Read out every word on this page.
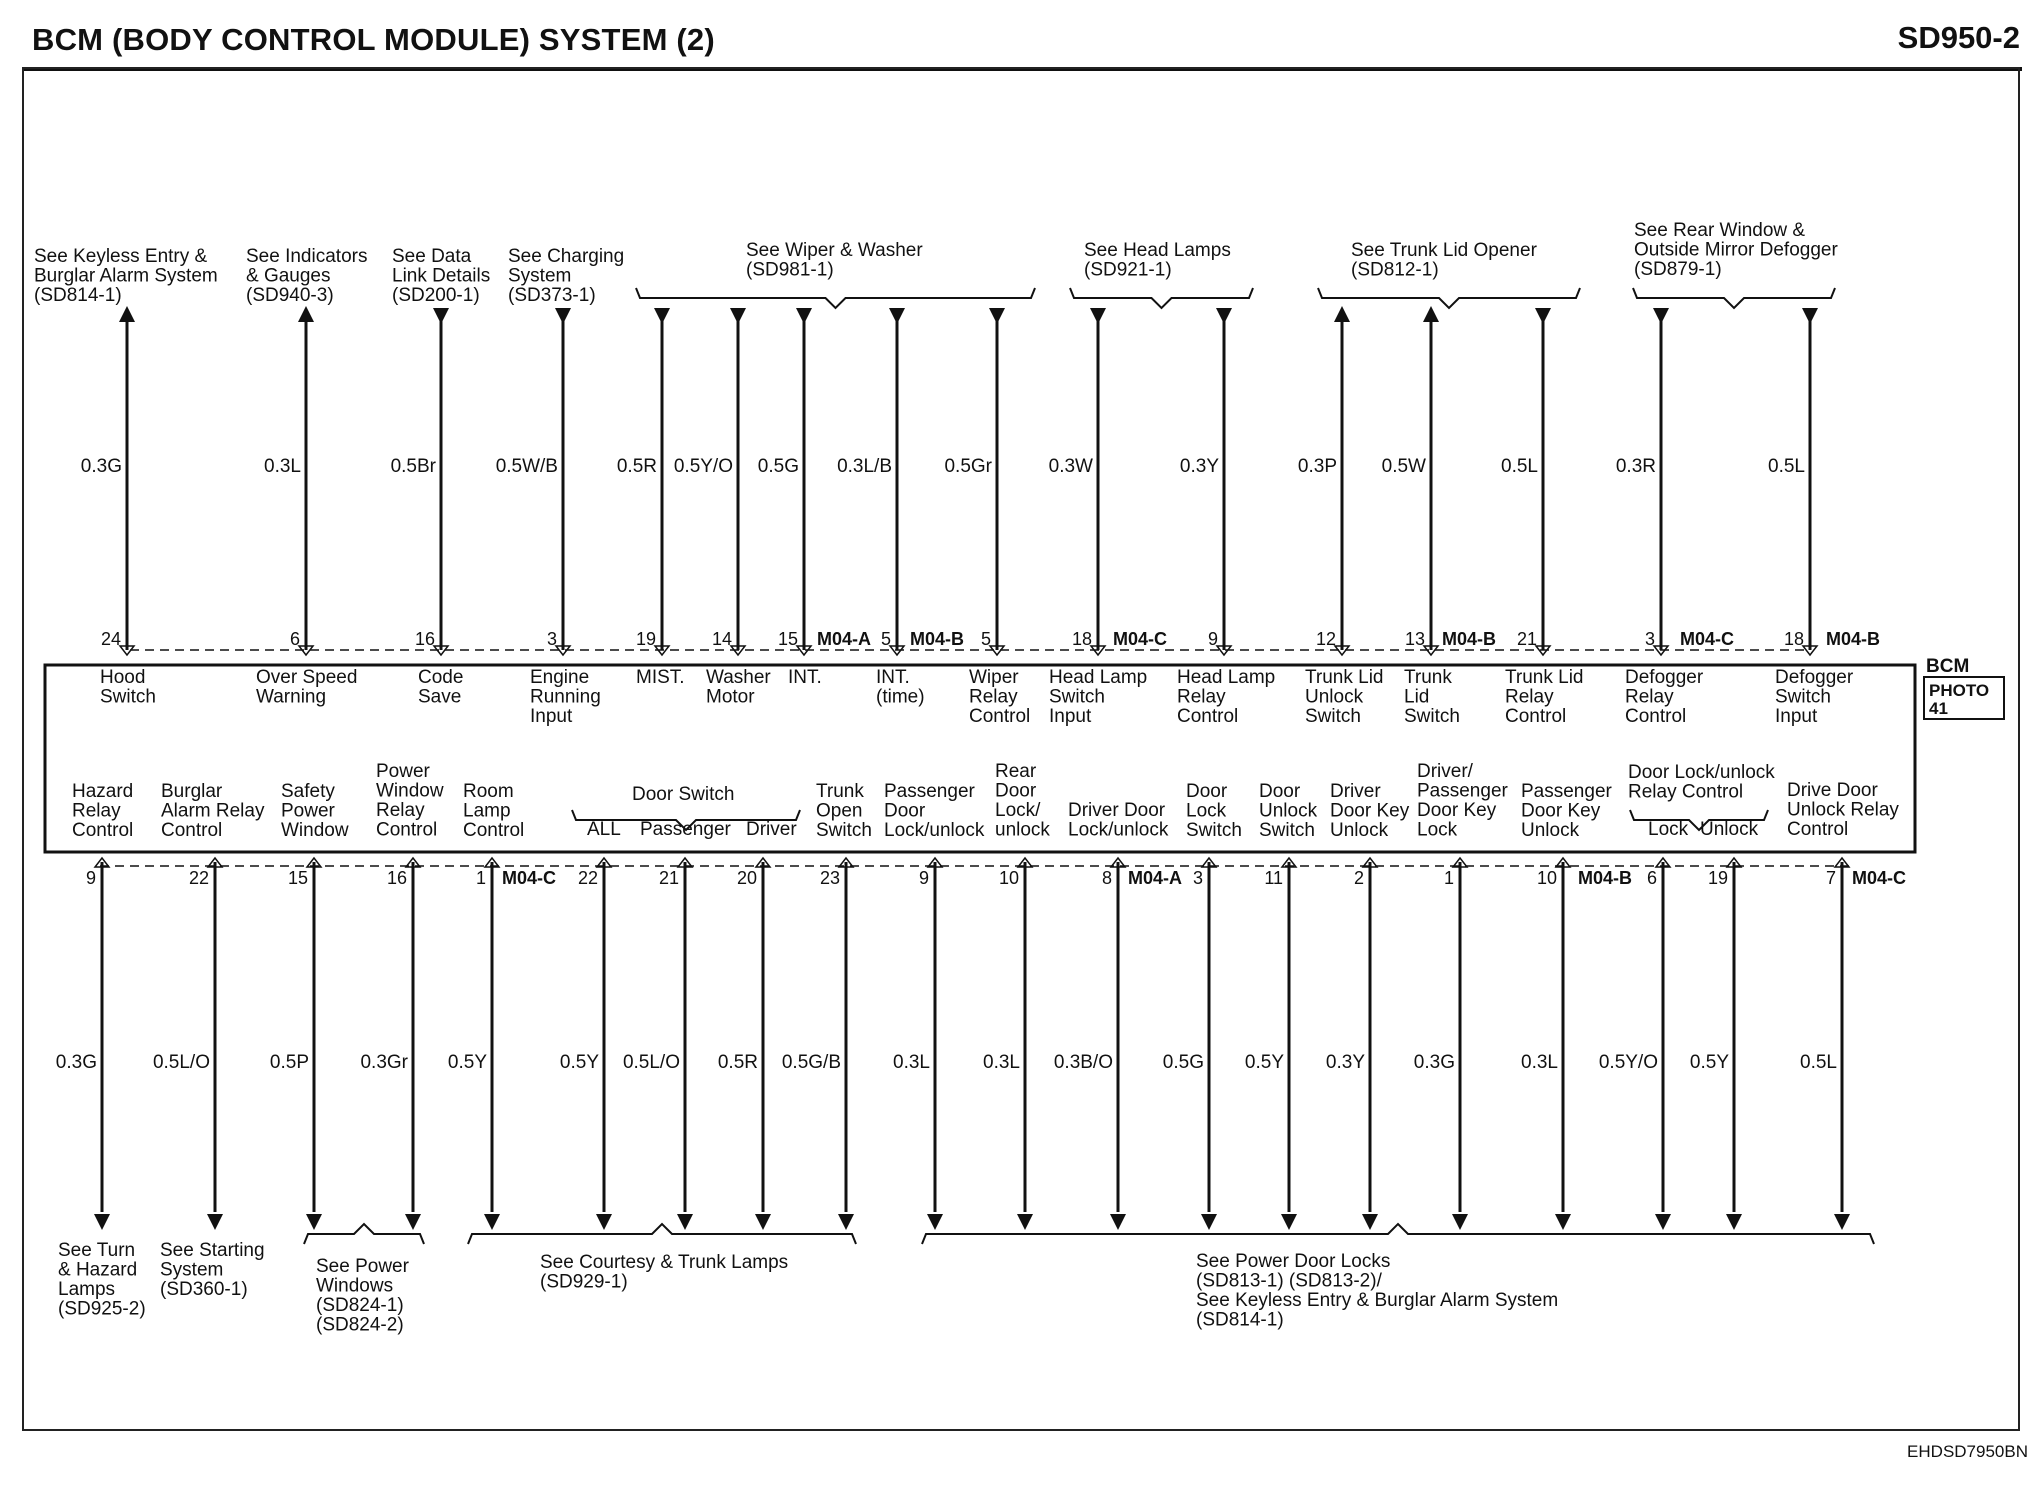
BCM (BODY CONTROL MODULE) SYSTEM (2)	SD950-2
EHDSD7950BN
BCM
PHOTO 41
0.3G
24
Hood Switch
0.3L
6
Over Speed Warning
0.5Br
16
Code Save
0.5W/B
3
Engine Running Input
0.5R
19
MIST.
0.5Y/O
14
Washer Motor
0.5G
15
INT.
0.3L/B
5
INT. (time)
0.5Gr
5
Wiper Relay Control
0.3W
18
Head Lamp Switch Input
0.3Y
9
Head Lamp Relay Control
0.3P
12
Trunk Lid Unlock Switch
0.5W
13
Trunk Lid Switch
0.5L
21
Trunk Lid Relay Control
0.3R
3
Defogger Relay Control
0.5L
18
Defogger Switch Input
M04-A M04-B	M04-C	M04-B	M04-C	M04-B
See Keyless Entry & Burglar Alarm System (SD814-1)
See Indicators & Gauges (SD940-3)
See Data Link Details (SD200-1)
See Charging System (SD373-1)
See Wiper & Washer (SD981-1)
See Head Lamps (SD921-1)
See Trunk Lid Opener (SD812-1)
See Rear Window & Outside Mirror Defogger (SD879-1)
0.3G
9
Hazard Relay Control
0.5L/O
22
Burglar Alarm Relay Control
0.5P
15
Safety Power Window
0.3Gr
16
Power Window Relay Control
0.5Y
1
Room Lamp Control
0.5Y
22
ALL
0.5L/O
21
Passenger
0.5R
20
Driver
0.5G/B
23
Trunk Open Switch
0.3L
9
Passenger Door Lock/unlock
0.3L
10
Rear Door Lock/ unlock
0.3B/O
8
Driver Door Lock/unlock
0.5G
3
Door Lock Switch
0.5Y
11
Door Unlock Switch
0.3Y
2
Driver Door Key Unlock
0.3G
1
Driver/ Passenger Door Key Lock
0.3L
10
Passenger Door Key Unlock
0.5Y/O
6
Lock
0.5Y
19
Unlock
0.5L
7
Drive Door Unlock Relay Control
M04-C	M04-A	M04-B	M04-C
Door Switch
Door Lock/unlock Relay Control
See Turn & Hazard Lamps (SD925-2)
See Starting System (SD360-1)
See Power Windows (SD824-1) (SD824-2)
See Courtesy & Trunk Lamps (SD929-1)
See Power Door Locks (SD813-1) (SD813-2)/ See Keyless Entry & Burglar Alarm System (SD814-1)
